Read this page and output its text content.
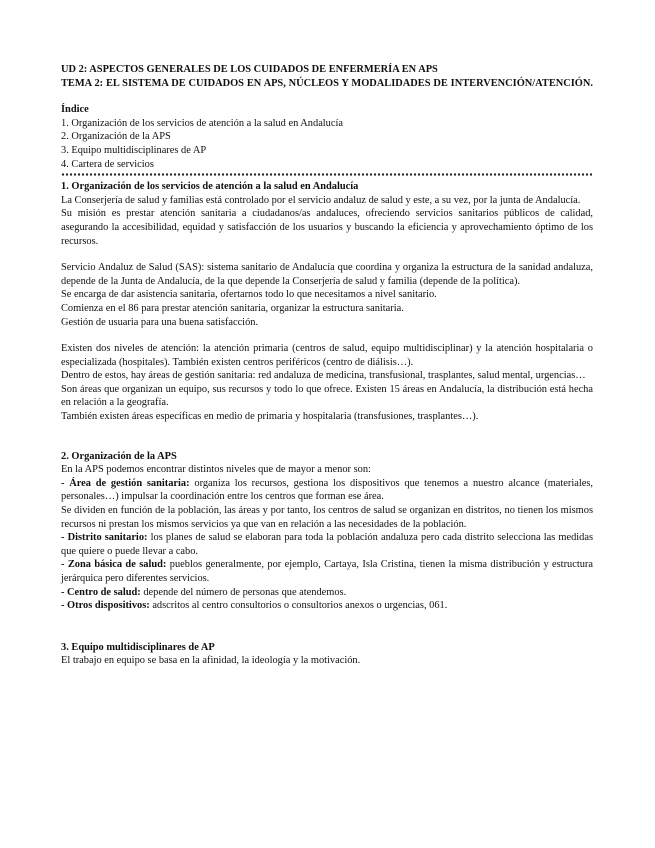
UD 2: ASPECTOS GENERALES DE LOS CUIDADOS DE ENFERMERÍA EN APS

TEMA 2: EL SISTEMA DE CUIDADOS EN APS, NÚCLEOS Y MODALIDADES DE INTERVENCIÓN/ATENCIÓN.

Índice

1. Organización de los servicios de atención a la salud en Andalucía
2. Organización de la APS
3. Equipo multidisciplinares de AP
4. Cartera de servicios

1. Organización de los servicios de atención a la salud en Andalucía

La Conserjería de salud y familias está controlado por el servicio andaluz de salud y este, a su vez, por la junta de Andalucía.

Su misión es prestar atención sanitaria a ciudadanos/as andaluces, ofreciendo servicios sanitarios públicos de calidad, asegurando la accesibilidad, equidad y satisfacción de los usuarios y buscando la eficiencia y aprovechamiento óptimo de los recursos.

Servicio Andaluz de Salud (SAS): sistema sanitario de Andalucía que coordina y organiza la estructura de la sanidad andaluza, depende de la Junta de Andalucía, de la que depende la Conserjería de salud y familia (depende de la política).

Se encarga de dar asistencia sanitaria, ofertarnos todo lo que necesitamos a nivel sanitario.

Comienza en el 86 para prestar atención sanitaria, organizar la estructura sanitaria.

Gestión de usuaria para una buena satisfacción.

Existen dos niveles de atención: la atención primaria (centros de salud, equipo multidisciplinar) y la atención hospitalaria o especializada (hospitales). También existen centros periféricos (centro de diálisis…).

Dentro de estos, hay áreas de gestión sanitaria: red andaluza de medicina, transfusional, trasplantes, salud mental, urgencias…

Son áreas que organizan un equipo, sus recursos y todo lo que ofrece. Existen 15 áreas en Andalucía, la distribución está hecha en relación a la geografía.

También existen áreas específicas en medio de primaria y hospitalaria (transfusiones, trasplantes…).

2. Organización de la APS

En la APS podemos encontrar distintos niveles que de mayor a menor son:

- Área de gestión sanitaria: organiza los recursos, gestiona los dispositivos que tenemos a nuestro alcance (materiales, personales…) impulsar la coordinación entre los centros que forman ese área.

Se dividen en función de la población, las áreas y por tanto, los centros de salud se organizan en distritos, no tienen los mismos recursos ni prestan los mismos servicios ya que van en relación a las necesidades de la población.

- Distrito sanitario: los planes de salud se elaboran para toda la población andaluza pero cada distrito selecciona las medidas que quiere o puede llevar a cabo.

- Zona básica de salud: pueblos generalmente, por ejemplo, Cartaya, Isla Cristina, tienen la misma distribución y estructura jerárquica pero diferentes servicios.

- Centro de salud: depende del número de personas que atendemos.

- Otros dispositivos: adscritos al centro consultorios o consultorios anexos o urgencias, 061.

3. Equipo multidisciplinares de AP

El trabajo en equipo se basa en la afinidad, la ideología y la motivación.
